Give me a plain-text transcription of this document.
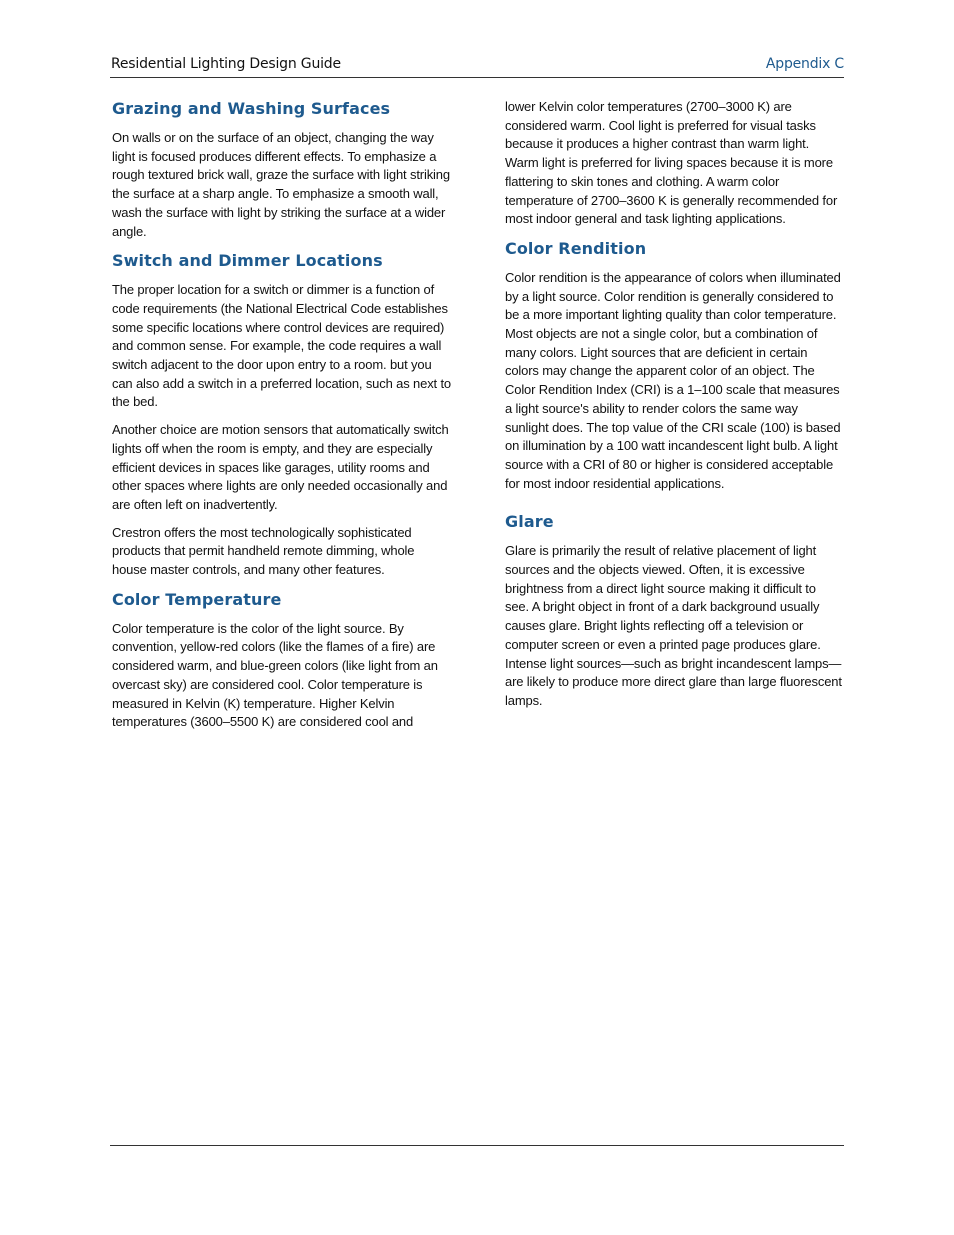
Residential Lighting Design Guide	Appendix C
Grazing and Washing Surfaces

On walls or on the surface of an object, changing the way light is focused produces different effects. To emphasize a rough textured brick wall, graze the surface with light striking the surface at a sharp angle. To emphasize a smooth wall, wash the surface with light by striking the surface at a wider angle.

Switch and Dimmer Locations

The proper location for a switch or dimmer is a function of code requirements (the National Electrical Code establishes some specific locations where control devices are required) and common sense. For example, the code requires a wall switch adjacent to the door upon entry to a room. but you can also add a switch in a preferred location, such as next to the bed.

Another choice are motion sensors that automatically switch lights off when the room is empty, and they are especially efficient devices in spaces like garages, utility rooms and other spaces where lights are only needed occasionally and are often left on inadvertently.

Crestron offers the most technologically sophisticated products that permit handheld remote dimming, whole house master controls, and many other features.

Color Temperature

Color temperature is the color of the light source. By convention, yellow-red colors (like the flames of a fire) are considered warm, and blue-green colors (like light from an overcast sky) are considered cool. Color temperature is measured in Kelvin (K) temperature. Higher Kelvin temperatures (3600–5500 K) are considered cool and

lower Kelvin color temperatures (2700–3000 K) are considered warm. Cool light is preferred for visual tasks because it produces a higher contrast than warm light. Warm light is preferred for living spaces because it is more flattering to skin tones and clothing. A warm color temperature of 2700–3600 K is generally recommended for most indoor general and task lighting applications.

Color Rendition

Color rendition is the appearance of colors when illuminated by a light source. Color rendition is generally considered to be a more important lighting quality than color temperature. Most objects are not a single color, but a combination of many colors. Light sources that are deficient in certain colors may change the apparent color of an object. The Color Rendition Index (CRI) is a 1–100 scale that measures a light source's ability to render colors the same way sunlight does. The top value of the CRI scale (100) is based on illumination by a 100 watt incandescent light bulb. A light source with a CRI of 80 or higher is considered acceptable for most indoor residential applications.

Glare

Glare is primarily the result of relative placement of light sources and the objects viewed. Often, it is excessive brightness from a direct light source making it difficult to see. A bright object in front of a dark background usually causes glare. Bright lights reflecting off a television or computer screen or even a printed page produces glare. Intense light sources—such as bright incandescent lamps—are likely to produce more direct glare than large fluorescent lamps.
